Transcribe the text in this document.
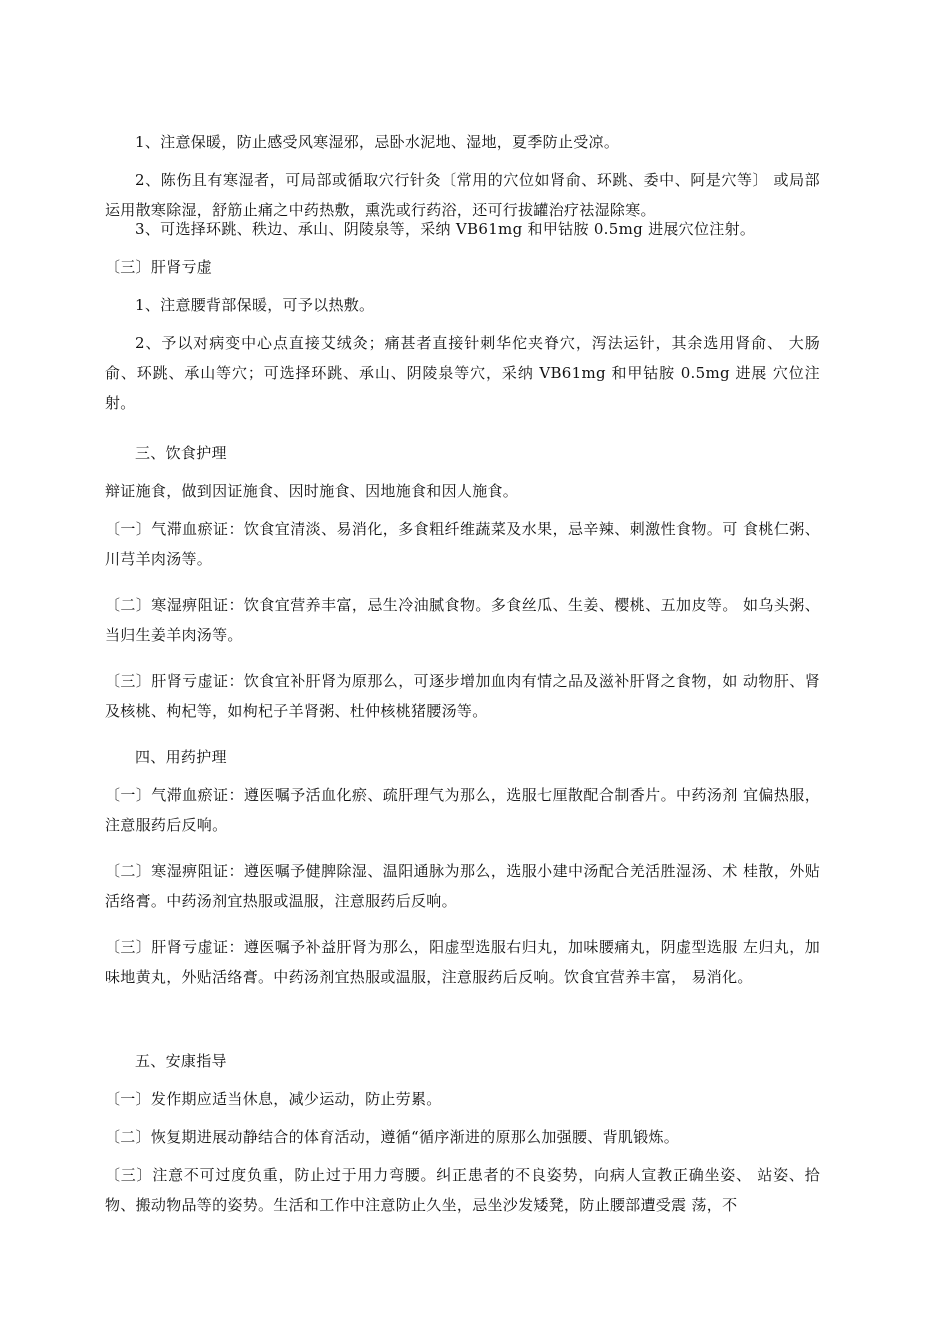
1、注意保暖，防止感受风寒湿邪，忌卧水泥地、湿地，夏季防止受凉。

2、陈伤且有寒湿者，可局部或循取穴行针灸〔常用的穴位如肾俞、环跳、委中、阿是穴等〕 或局部运用散寒除湿，舒筋止痛之中药热敷，熏洗或行药浴，还可行拔罐治疗祛湿除寒。

3、可选择环跳、秩边、承山、阴陵泉等，采纳 VB61mg 和甲钴胺 0.5mg 进展穴位注射。

〔三〕肝肾亏虚

1、注意腰背部保暖，可予以热敷。

2、予以对病变中心点直接艾绒灸；痛甚者直接针刺华佗夹脊穴，泻法运针，其余选用肾俞、 大肠俞、环跳、承山等穴；可选择环跳、承山、阴陵泉等穴，采纳 VB61mg 和甲钴胺 0.5mg 进展 穴位注射。

三、饮食护理

辩证施食，做到因证施食、因时施食、因地施食和因人施食。

〔一〕气滞血瘀证：饮食宜清淡、易消化，多食粗纤维蔬菜及水果，忌辛辣、刺激性食物。可 食桃仁粥、川芎羊肉汤等。

〔二〕寒湿痹阻证：饮食宜营养丰富，忌生冷油腻食物。多食丝瓜、生姜、樱桃、五加皮等。 如乌头粥、当归生姜羊肉汤等。

〔三〕肝肾亏虚证：饮食宜补肝肾为原那么，可逐步增加血肉有情之品及滋补肝肾之食物，如 动物肝、肾及核桃、枸杞等，如枸杞子羊肾粥、杜仲核桃猪腰汤等。

四、用药护理

〔一〕气滞血瘀证：遵医嘱予活血化瘀、疏肝理气为那么，选服七厘散配合制香片。中药汤剂 宜偏热服，注意服药后反响。

〔二〕寒湿痹阻证：遵医嘱予健脾除湿、温阳通脉为那么，选服小建中汤配合羌活胜湿汤、术 桂散，外贴活络膏。中药汤剂宜热服或温服，注意服药后反响。

〔三〕肝肾亏虚证：遵医嘱予补益肝肾为那么，阳虚型选服右归丸，加味腰痛丸，阴虚型选服 左归丸，加味地黄丸，外贴活络膏。中药汤剂宜热服或温服，注意服药后反响。饮食宜营养丰富， 易消化。

五、安康指导

〔一〕发作期应适当休息，减少运动，防止劳累。

〔二〕恢复期进展动静结合的体育活动，遵循“循序渐进的原那么加强腰、背肌锻炼。

〔三〕注意不可过度负重，防止过于用力弯腰。纠正患者的不良姿势，向病人宣教正确坐姿、 站姿、拾物、搬动物品等的姿势。生活和工作中注意防止久坐，忌坐沙发矮凳，防止腰部遭受震 荡，不
